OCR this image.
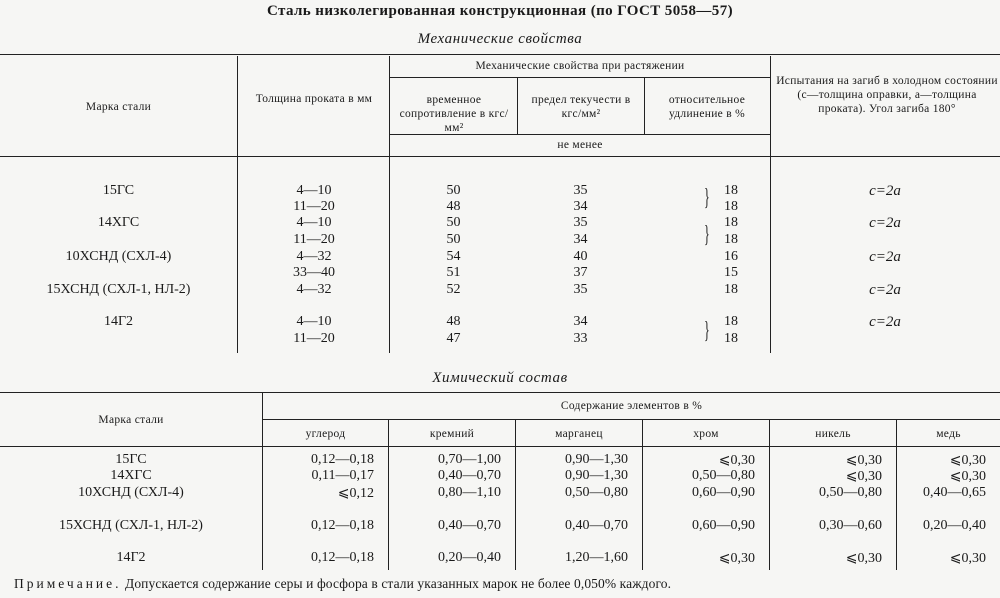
Сталь низколегированная конструкционная (по ГОСТ 5058—57)
Механические свойства
Марка стали
Толщина проката в мм
Механические свойства при растяжении
временное сопротивление в кгс/мм²
предел текучести в кгс/мм²
относительное удлинение в %
не менее
Испытания на загиб в холодном состоянии (с—толщина оправки, а—толщина проката). Угол загиба 180°
15ГС	4—10	50	35	18	с=2а
11—20	48	34	18
14ХГС	4—10	50	35	18	с=2а
11—20	50	34	18
10ХСНД (СХЛ-4)	4—32	54	40	16	с=2а
33—40	51	37	15
15ХСНД (СХЛ-1, НЛ-2)	4—32	52	35	18	с=2а
14Г2	4—10	48	34	18	с=2а
11—20	47	33	18
}
}
}
Химический состав
Марка стали
Содержание элементов в %
углерод	кремний	марганец	хром	никель	медь
15ГС	0,12—0,18	0,70—1,00	0,90—1,30	⩽0,30	⩽0,30	⩽0,30
14ХГС	0,11—0,17	0,40—0,70	0,90—1,30	0,50—0,80	⩽0,30	⩽0,30
10ХСНД (СХЛ-4)	⩽0,12	0,80—1,10	0,50—0,80	0,60—0,90	0,50—0,80	0,40—0,65
15ХСНД (СХЛ-1, НЛ-2)	0,12—0,18	0,40—0,70	0,40—0,70	0,60—0,90	0,30—0,60	0,20—0,40
14Г2	0,12—0,18	0,20—0,40	1,20—1,60	⩽0,30	⩽0,30	⩽0,30
Примечание. Допускается содержание серы и фосфора в стали указанных марок не более 0,050% каждого.
